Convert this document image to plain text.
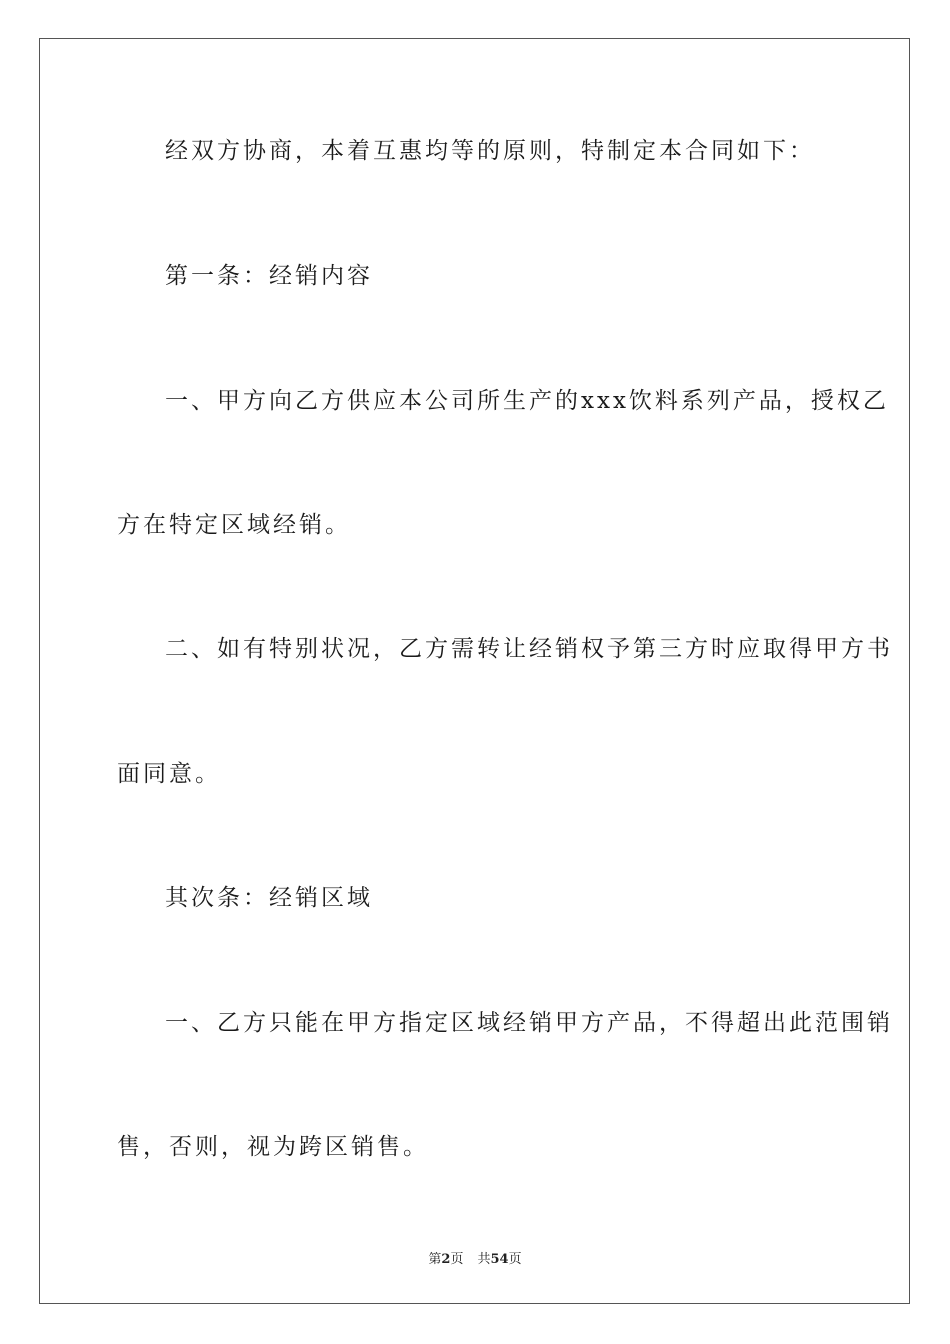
经双方协商，本着互惠均等的原则，特制定本合同如下：

第一条：经销内容

一、甲方向乙方供应本公司所生产的xxx饮料系列产品，授权乙

方在特定区域经销。

二、如有特别状况，乙方需转让经销权予第三方时应取得甲方书

面同意。

其次条：经销区域

一、乙方只能在甲方指定区域经销甲方产品，不得超出此范围销

售，否则，视为跨区销售。

第2页 共54页
